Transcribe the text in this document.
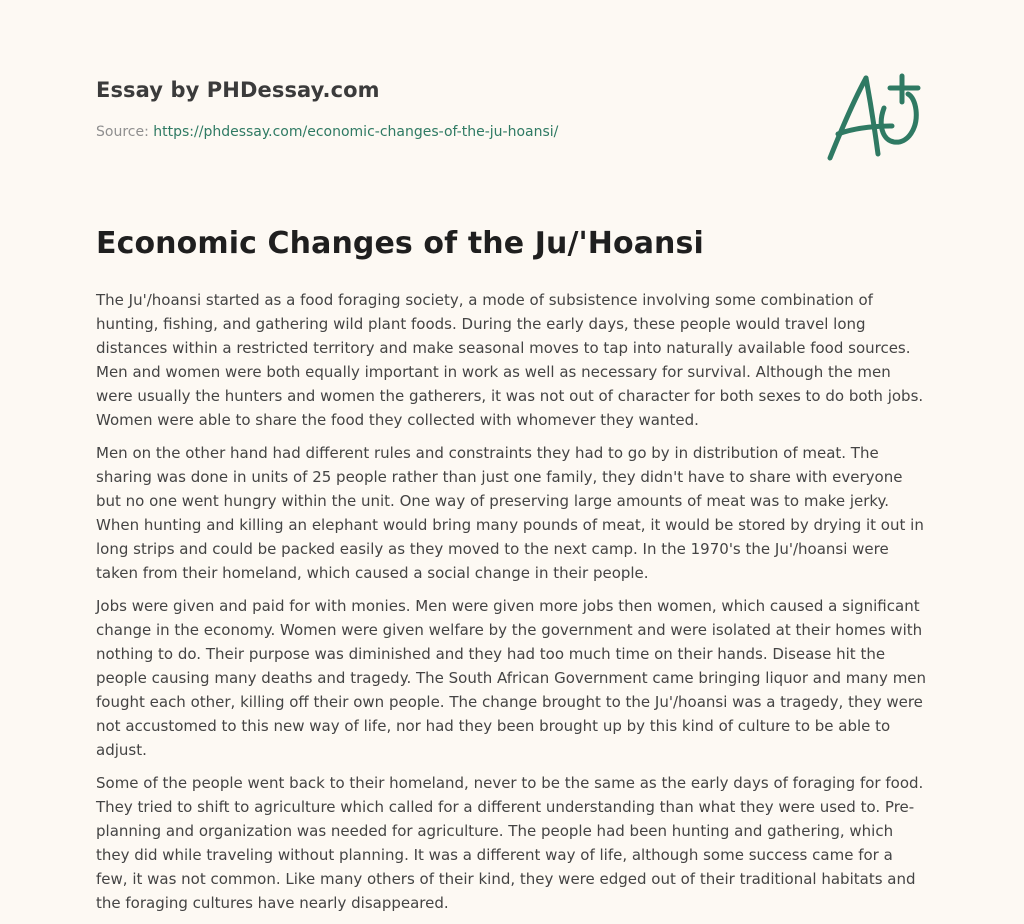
Essay by PHDessay.com
Source: https://phdessay.com/economic-changes-of-the-ju-hoansi/
Economic Changes of the Ju/'Hoansi

The Ju'/hoansi started as a food foraging society, a mode of subsistence involving some combination of hunting, fishing, and gathering wild plant foods. During the early days, these people would travel long distances within a restricted territory and make seasonal moves to tap into naturally available food sources. Men and women were both equally important in work as well as necessary for survival. Although the men were usually the hunters and women the gatherers, it was not out of character for both sexes to do both jobs. Women were able to share the food they collected with whomever they wanted.

Men on the other hand had different rules and constraints they had to go by in distribution of meat. The sharing was done in units of 25 people rather than just one family, they didn't have to share with everyone but no one went hungry within the unit. One way of preserving large amounts of meat was to make jerky. When hunting and killing an elephant would bring many pounds of meat, it would be stored by drying it out in long strips and could be packed easily as they moved to the next camp. In the 1970's the Ju'/hoansi were taken from their homeland, which caused a social change in their people.

Jobs were given and paid for with monies. Men were given more jobs then women, which caused a significant change in the economy. Women were given welfare by the government and were isolated at their homes with nothing to do. Their purpose was diminished and they had too much time on their hands. Disease hit the people causing many deaths and tragedy. The South African Government came bringing liquor and many men fought each other, killing off their own people. The change brought to the Ju'/hoansi was a tragedy, they were not accustomed to this new way of life, nor had they been brought up by this kind of culture to be able to adjust.

Some of the people went back to their homeland, never to be the same as the early days of foraging for food. They tried to shift to agriculture which called for a different understanding than what they were used to. Pre-planning and organization was needed for agriculture. The people had been hunting and gathering, which they did while traveling without planning. It was a different way of life, although some success came for a few, it was not common. Like many others of their kind, they were edged out of their traditional habitats and the foraging cultures have nearly disappeared.
